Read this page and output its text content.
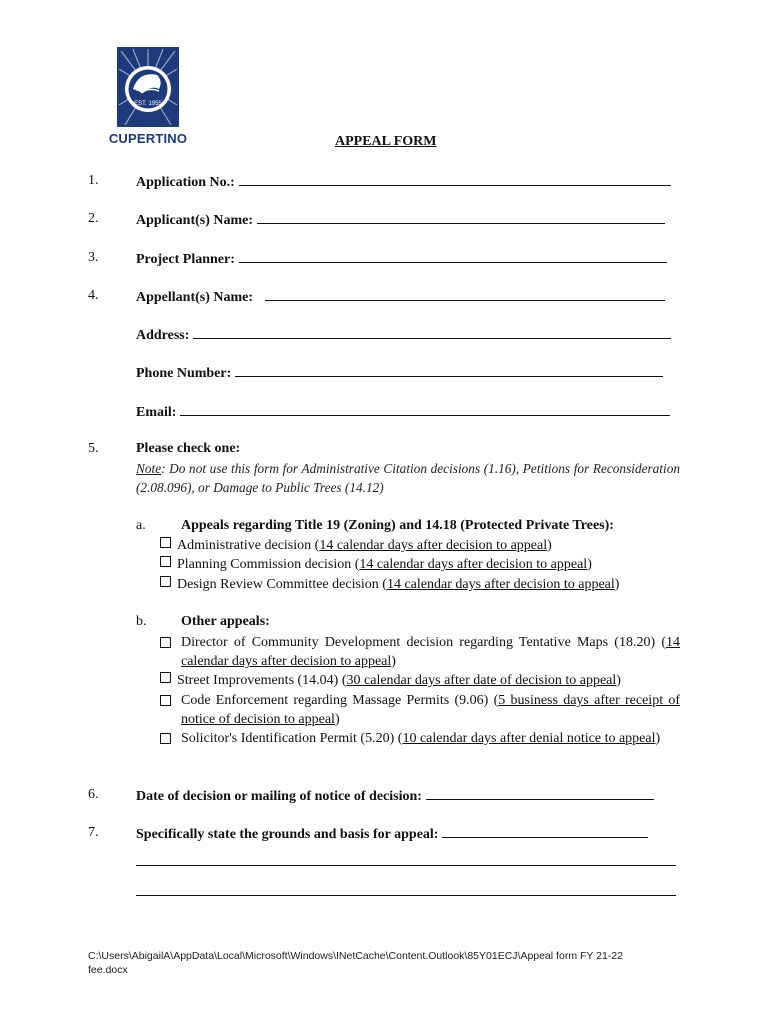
EST. 1955
CUPERTINO	APPEAL FORM
1.	Application No.:
2.	Applicant(s) Name:
3.	Project Planner:
4.	Appellant(s) Name:
Address:
Phone Number:
Email:
5.	Please check one:
Note: Do not use this form for Administrative Citation decisions (1.16), Petitions for Reconsideration (2.08.096), or Damage to Public Trees (14.12)
a.	Appeals regarding Title 19 (Zoning) and 14.18 (Protected Private Trees):
Administrative decision (14 calendar days after decision to appeal)
Planning Commission decision (14 calendar days after decision to appeal)
Design Review Committee decision (14 calendar days after decision to appeal)
b. Other appeals:
Director of Community Development decision regarding Tentative Maps (18.20) (14 calendar days after decision to appeal)
Street Improvements (14.04) (30 calendar days after date of decision to appeal)
Code Enforcement regarding Massage Permits (9.06) (5 business days after receipt of notice of decision to appeal)
Solicitor's Identification Permit (5.20) (10 calendar days after denial notice to appeal)
6.	Date of decision or mailing of notice of decision:
7.	Specifically state the grounds and basis for appeal:
C:\Users\AbigailA\AppData\Local\Microsoft\Windows\INetCache\Content.Outlook\85Y01ECJ\Appeal form FY 21-22
fee.docx
